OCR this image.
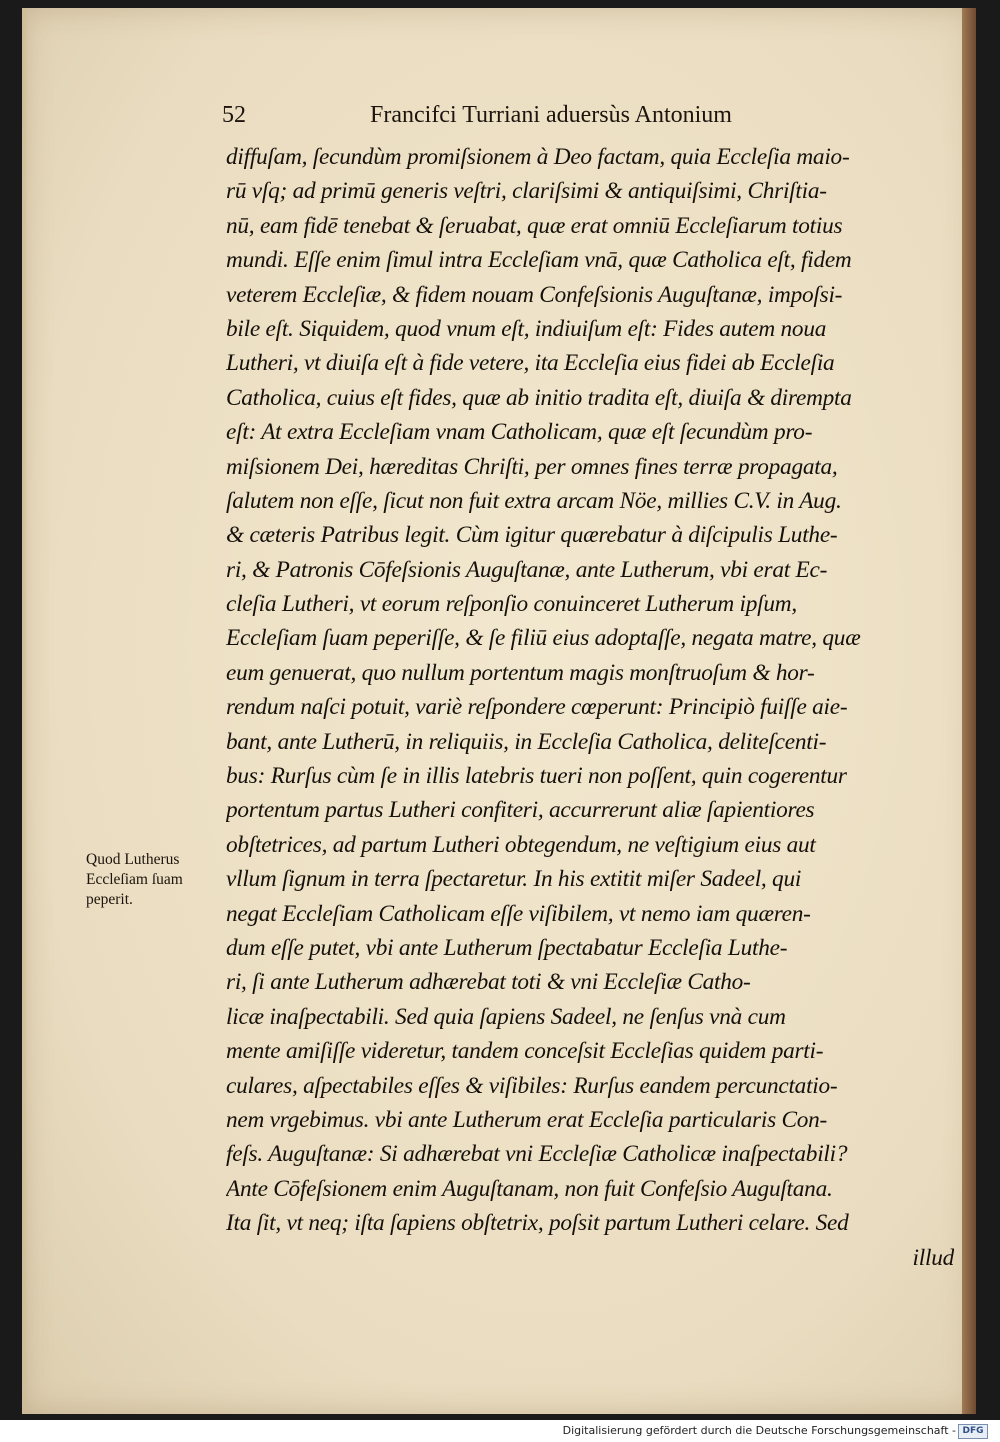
52	Francifci Turriani aduersùs Antonium
diffuſam, ſecundùm promiſsionem à Deo factam, quia Eccleſia maio-
rū vſq; ad primū generis veſtri, clariſsimi & antiquiſsimi, Chriſtia-
nū, eam fidē tenebat & ſeruabat, quæ erat omniū Eccleſiarum totius
mundi. Eſſe enim ſimul intra Eccleſiam vnā, quæ Catholica eſt, fidem
veterem Eccleſiæ, & fidem nouam Confeſsionis Auguſtanæ, impoſsi-
bile eſt. Siquidem, quod vnum eſt, indiuiſum eſt: Fides autem noua
Lutheri, vt diuiſa eſt à fide vetere, ita Eccleſia eius fidei ab Eccleſia
Catholica, cuius eſt fides, quæ ab initio tradita eſt, diuiſa & dirempta
eſt: At extra Eccleſiam vnam Catholicam, quæ eſt ſecundùm pro-
miſsionem Dei, hæreditas Chriſti, per omnes fines terræ propagata,
ſalutem non eſſe, ſicut non fuit extra arcam Nöe, millies C.V. in Aug.
& cæteris Patribus legit. Cùm igitur quærebatur à diſcipulis Luthe-
ri, & Patronis Cōfeſsionis Auguſtanæ, ante Lutherum, vbi erat Ec-
cleſia Lutheri, vt eorum reſponſio conuinceret Lutherum ipſum,
Eccleſiam ſuam peperiſſe, & ſe filiū eius adoptaſſe, negata matre, quæ
eum genuerat, quo nullum portentum magis monſtruoſum & hor-
rendum naſci potuit, variè reſpondere cœperunt: Principiò fuiſſe aie-
bant, ante Lutherū, in reliquiis, in Eccleſia Catholica, delitеſcenti-
bus: Rurſus cùm ſe in illis latebris tueri non poſſent, quin cogerentur
portentum partus Lutheri confiteri, accurrerunt aliæ ſapientiores
obſtetrices, ad partum Lutheri obtegendum, ne veſtigium eius aut
vllum ſignum in terra ſpectaretur. In his extitit miſer Sadeel, qui
negat Eccleſiam Catholicam eſſe viſibilem, vt nemo iam quæren-
dum eſſe putet, vbi ante Lutherum ſpectabatur Eccleſia Luthe-
ri, ſi ante Lutherum adhærebat toti & vni Eccleſiæ Catho-
licæ inaſpectabili. Sed quia ſapiens Sadeel, ne ſenſus vnà cum
mente amiſiſſe videretur, tandem conceſsit Eccleſias quidem parti-
culares, aſpectabiles eſſes & viſibiles: Rurſus eandem percunctatio-
nem vrgebimus. vbi ante Lutherum erat Eccleſia particularis Con-
feſs. Auguſtanæ: Si adhærebat vni Eccleſiæ Catholicæ inaſpectabili?
Ante Cōfeſsionem enim Auguſtanam, non fuit Confeſsio Auguſtana.
Ita ſit, vt neq; iſta ſapiens obſtetrix, poſsit partum Lutheri celare. Sed
illud
Quod Lutherus
Eccleſiam ſuam
peperit.
Digitalisierung gefördert durch die Deutsche Forschungsgemeinschaft - DFG
